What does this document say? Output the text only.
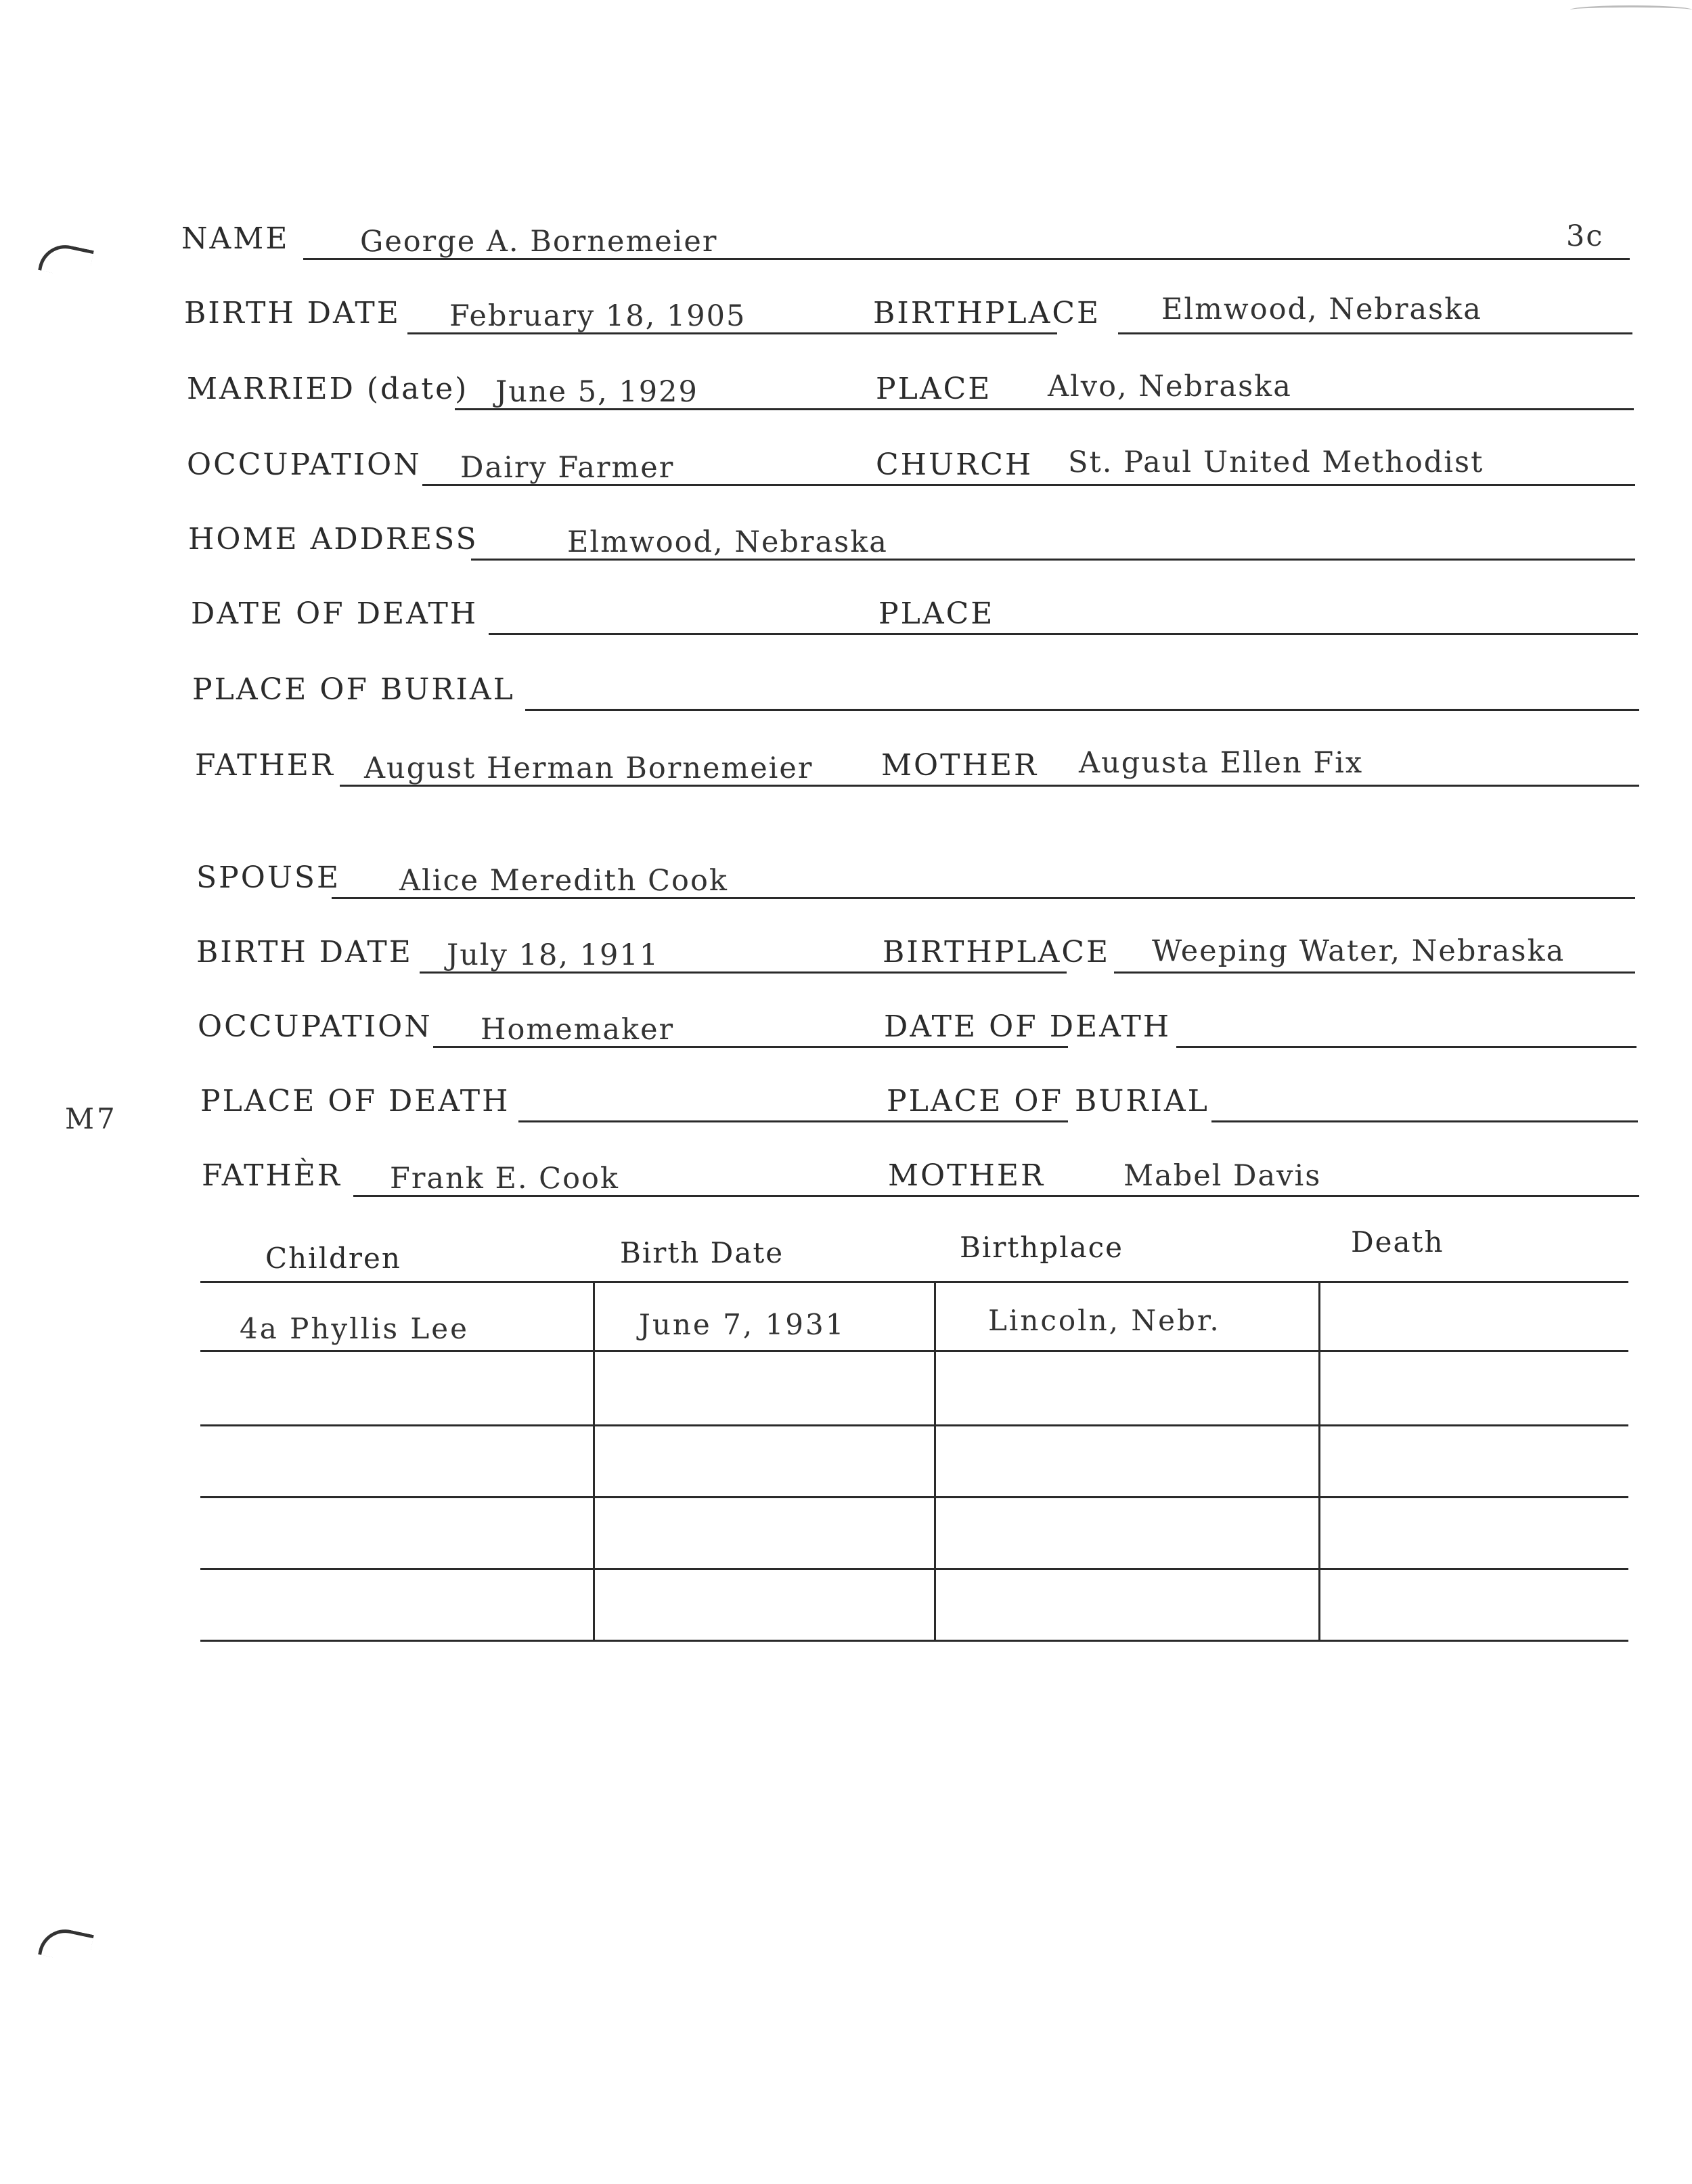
M7
NAME George A. Bornemeier	3c
BIRTH DATE February 18, 1905	BIRTHPLACE Elmwood, Nebraska
MARRIED (date) June 5, 1929	PLACE Alvo, Nebraska
OCCUPATION Dairy Farmer	CHURCH St. Paul United Methodist
HOME ADDRESS	Elmwood, Nebraska
DATE OF DEATH	PLACE
PLACE OF BURIAL
FATHER August Herman Bornemeier MOTHER Augusta Ellen Fix
SPOUSE Alice Meredith Cook
BIRTH DATE July 18, 1911	BIRTHPLACE Weeping Water, Nebraska
OCCUPATION Homemaker	DATE OF DEATH
PLACE OF DEATH	PLACE OF BURIAL
FATHÈR Frank E. Cook	MOTHER	Mabel Davis
Children	Birth Date	Birthplace	Death
4a Phyllis Lee	June 7, 1931	Lincoln, Nebr.
